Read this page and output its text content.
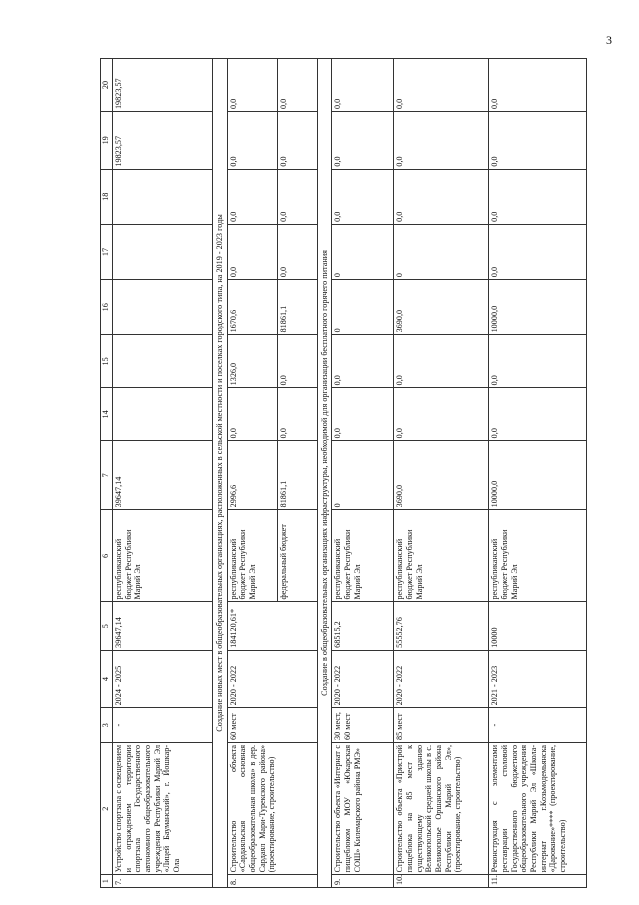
3
1	2	3	4	5	6	7	14	15	16	17	18	19	20
7.	Устройство спортзала с освещением и ограждением территории спортзала Государственного автономного общеобразовательного учреждения Республики Марий Эл «Лицей Бауманский», г. Йошкар-Ола	-	2024 - 2025	39647,14	республиканский бюджет Республики Марий Эл	39647,14						19823,57	19823,57
Создание новых мест в общеобразовательных организациях, расположенных в сельской местности и поселках городского типа, на 2019 - 2023 годы													
8.	Строительство объекта «Сардаяльская основная общеобразовательная школа» в дер. Сардаял Мари-Турекского района» (проектирование, строительство)	60 мест	2020 - 2022	184120,61*	республиканский бюджет Республики Марий Эл	2996,6	0,0	1326,0	1670,6	0,0	0,0	0,0	0,0
					федеральный бюджет	81861,1	0,0	0,0	81861,1	0,0	0,0	0,0	0,0
Создание в общеобразовательных организациях инфраструктуры, необходимой для организации бесплатного горячего питания													
9.	Строительство объекта «Интернат с пищеблоком МОУ «Юкарская СОШ» Килемарского района РМЭ»	30 мест, 60 мест	2020 - 2022	68515,2	республиканский бюджет Республики Марий Эл	0	0,0	0,0	0	0	0,0	0,0	0,0
10.	Строительство объекта «Пристрой пищеблока на 85 мест к существующему зданию Великопольской средней школы в с. Великополье Оршанского района Республики Марий Эл», (проектирование, строительство)	85 мест	2020 - 2022	55552,76	республиканский бюджет Республики Марий Эл	3690,0	0,0	0,0	3690,0	0	0,0	0,0	0,0
11.	Реконструкция с элементами реставрации столовой Государственного бюджетного общеобразовательного учреждения Республики Марий Эл «Школа-интернат г.Козьмодемьянска «Дарование»**** (проектирование, строительство)	-	2021 - 2023	10000	республиканский бюджет Республики Марий Эл	10000,0	0,0	0,0	10000,0	0,0	0,0	0,0	0,0
